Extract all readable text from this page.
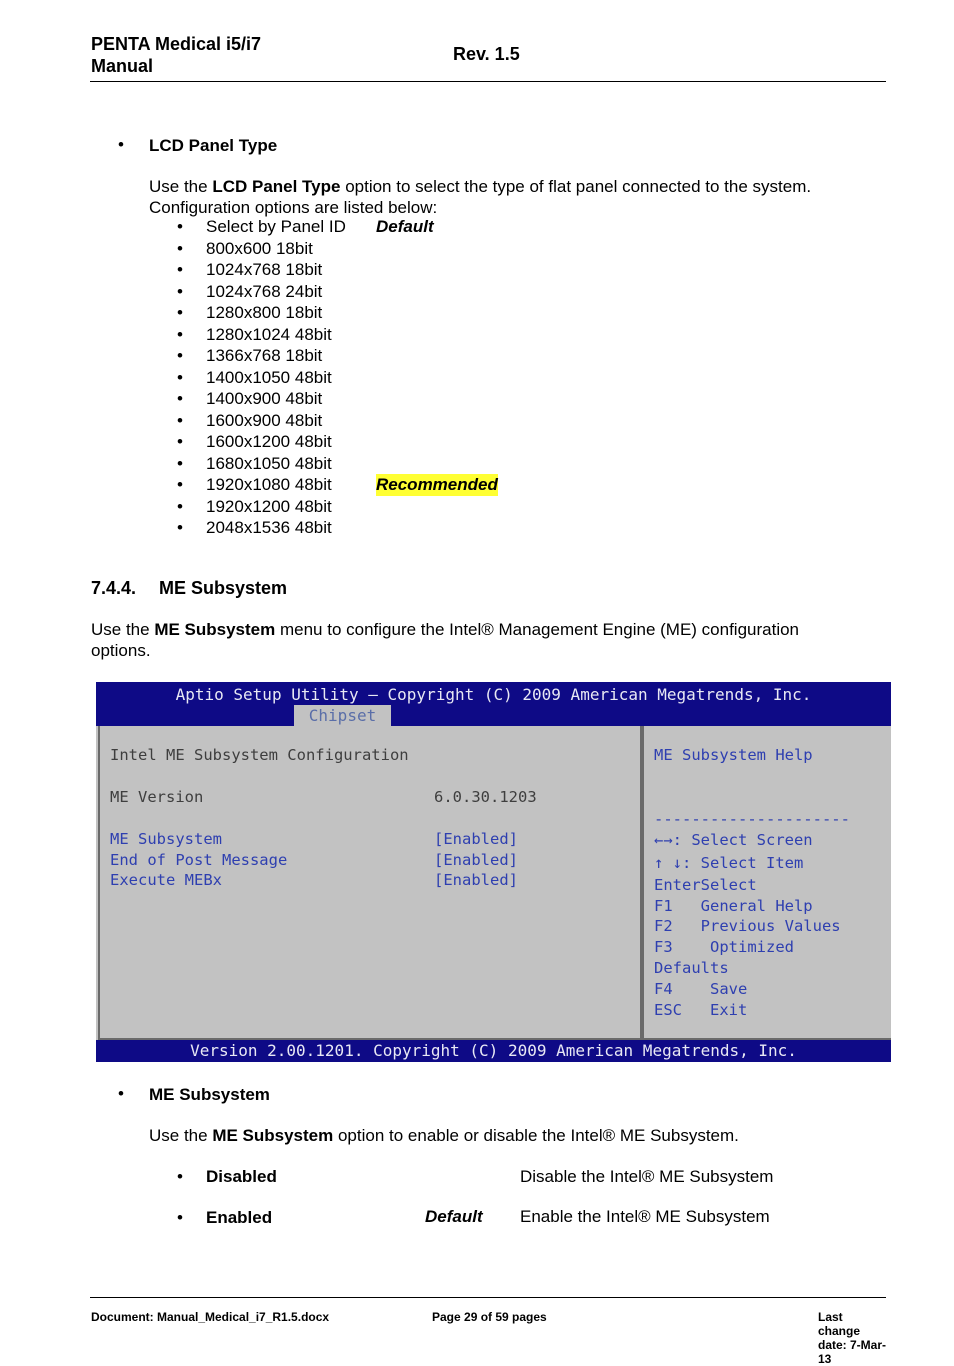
PENTA Medical i5/i7
Manual
Rev. 1.5
• LCD Panel Type
Use the LCD Panel Type option to select the type of flat panel connected to the system.
Configuration options are listed below:
•	Select by Panel ID	Default
•	800x600 18bit
•	1024x768 18bit
•	1024x768 24bit
•	1280x800 18bit
•	1280x1024 48bit
•	1366x768 18bit
•	1400x1050 48bit
•	1400x900 48bit
•	1600x900 48bit
•	1600x1200 48bit
•	1680x1050 48bit
•	1920x1080 48bit	Recommended
•	1920x1200 48bit
•	2048x1536 48bit
7.4.4. ME Subsystem
Use the ME Subsystem menu to configure the Intel® Management Engine (ME) configuration
options.
Aptio Setup Utility – Copyright (C) 2009 American Megatrends, Inc.
Chipset
Intel ME Subsystem Configuration
ME Version	6.0.30.1203
ME Subsystem	[Enabled]
End of Post Message	[Enabled]
Execute MEBx	[Enabled]
ME Subsystem Help
---------------------
←→: Select Screen
↑ ↓: Select Item
EnterSelect
F1   General Help
F2   Previous Values
F3    Optimized
Defaults
F4    Save
ESC   Exit
Version 2.00.1201. Copyright (C) 2009 American Megatrends, Inc.
• ME Subsystem
Use the ME Subsystem option to enable or disable the Intel® ME Subsystem.
• Disabled	Disable the Intel® ME Subsystem
• Enabled	Default Enable the Intel® ME Subsystem
Document: Manual_Medical_i7_R1.5.docx	Page 29 of 59 pages	Last change date: 7-Mar-13
